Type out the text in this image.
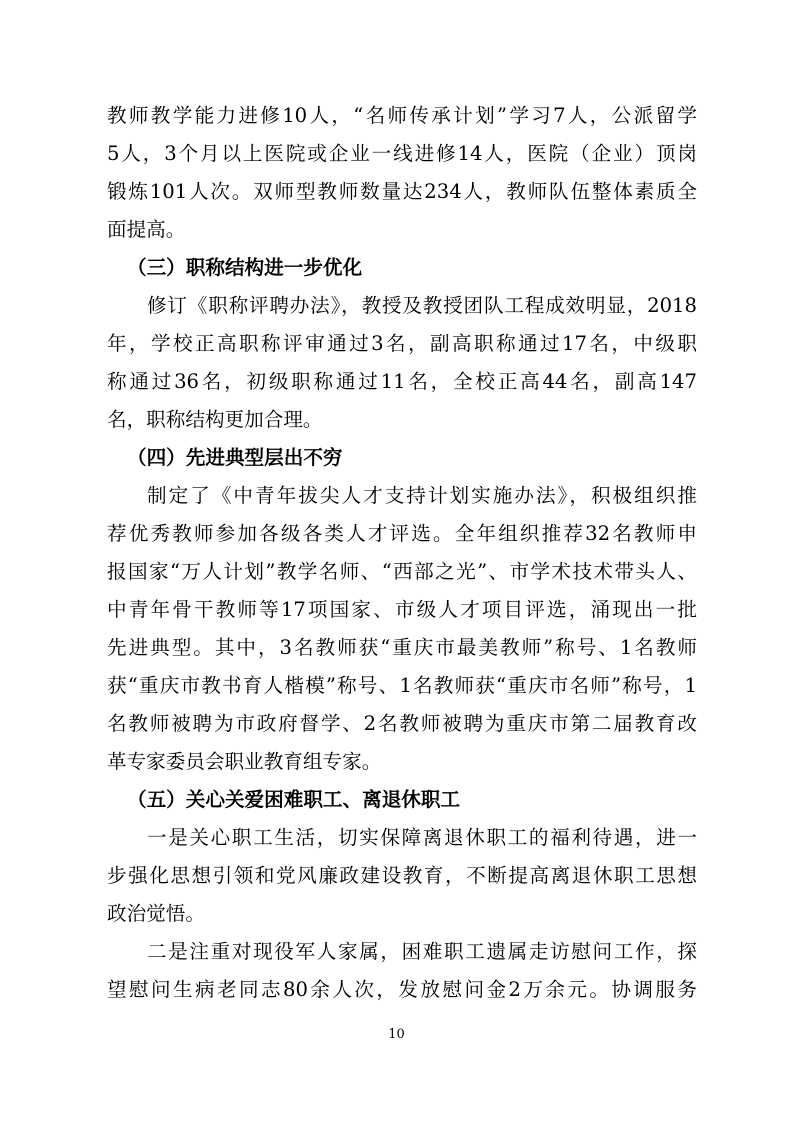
教师教学能力进修10人，“名师传承计划”学习7人，公派留学
5人，3个月以上医院或企业一线进修14人，医院（企业）顶岗
锻炼101人次。双师型教师数量达234人，教师队伍整体素质全
面提高。
（三）职称结构进一步优化
修订《职称评聘办法》，教授及教授团队工程成效明显，2018
年，学校正高职称评审通过3名，副高职称通过17名，中级职
称通过36名，初级职称通过11名，全校正高44名，副高147
名，职称结构更加合理。
（四）先进典型层出不穷
制定了《中青年拔尖人才支持计划实施办法》，积极组织推
荐优秀教师参加各级各类人才评选。全年组织推荐32名教师申
报国家“万人计划”教学名师、“西部之光”、市学术技术带头人、
中青年骨干教师等17项国家、市级人才项目评选，涌现出一批
先进典型。其中，3名教师获“重庆市最美教师”称号、1名教师
获“重庆市教书育人楷模”称号、1名教师获“重庆市名师”称号，1
名教师被聘为市政府督学、2名教师被聘为重庆市第二届教育改
革专家委员会职业教育组专家。
（五）关心关爱困难职工、离退休职工
一是关心职工生活，切实保障离退休职工的福利待遇，进一
步强化思想引领和党风廉政建设教育，不断提高离退休职工思想
政治觉悟。
二是注重对现役军人家属，困难职工遗属走访慰问工作，探
望慰问生病老同志80余人次，发放慰问金2万余元。协调服务
10
